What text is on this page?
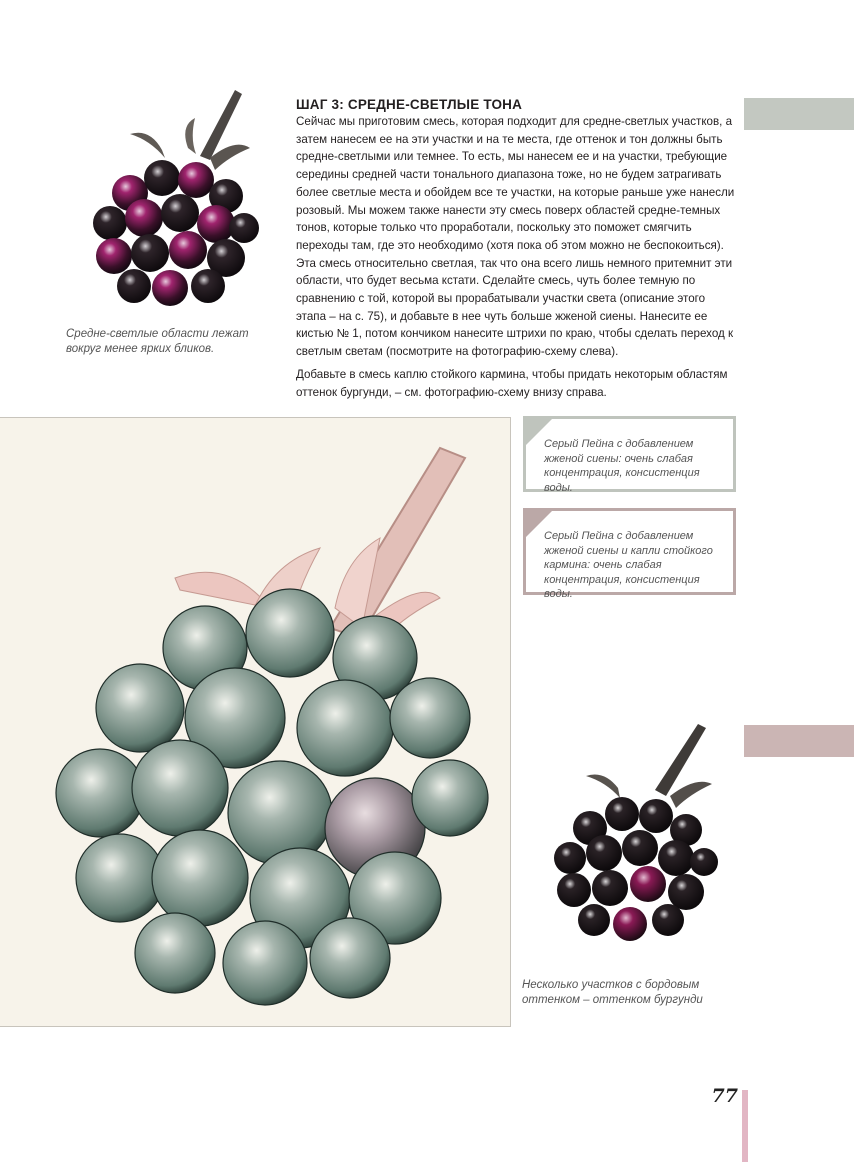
Средне-светлые области лежат вокруг менее ярких бликов.
ШАГ 3: СРЕДНЕ-СВЕТЛЫЕ ТОНА

Сейчас мы приготовим смесь, которая подходит для средне-светлых участков, а затем нанесем ее на эти участки и на те места, где оттенок и тон должны быть средне-светлыми или темнее. То есть, мы нанесем ее и на участки, требующие середины средней части тонального диапазона тоже, но не будем затрагивать более светлые места и обойдем все те участки, на которые раньше уже нанесли розовый. Мы можем также нанести эту смесь поверх областей средне-темных тонов, которые только что проработали, поскольку это поможет смягчить переходы там, где это необходимо (хотя пока об этом можно не беспокоиться). Эта смесь относительно светлая, так что она всего лишь немного притемнит эти области, что будет весьма кстати. Сделайте смесь, чуть более темную по сравнению с той, которой вы прорабатывали участки света (описание этого этапа – на с. 75), и добавьте в нее чуть больше жженой сиены. Нанесите ее кистью № 1, потом кончиком нанесите штрихи по краю, чтобы сделать переход к светлым светам (посмотрите на фотографию-схему слева).

Добавьте в смесь каплю стойкого кармина, чтобы придать некоторым областям оттенок бургунди, – см. фотографию-схему внизу справа.

Серый Пейна с добавлением жженой сиены: очень слабая концентрация, консистенция воды.
Серый Пейна с добавлением жженой сиены и капли стойкого кармина: очень слабая концентрация, консистенция воды.
Несколько участков с бордовым оттенком – оттенком бургунди
77
